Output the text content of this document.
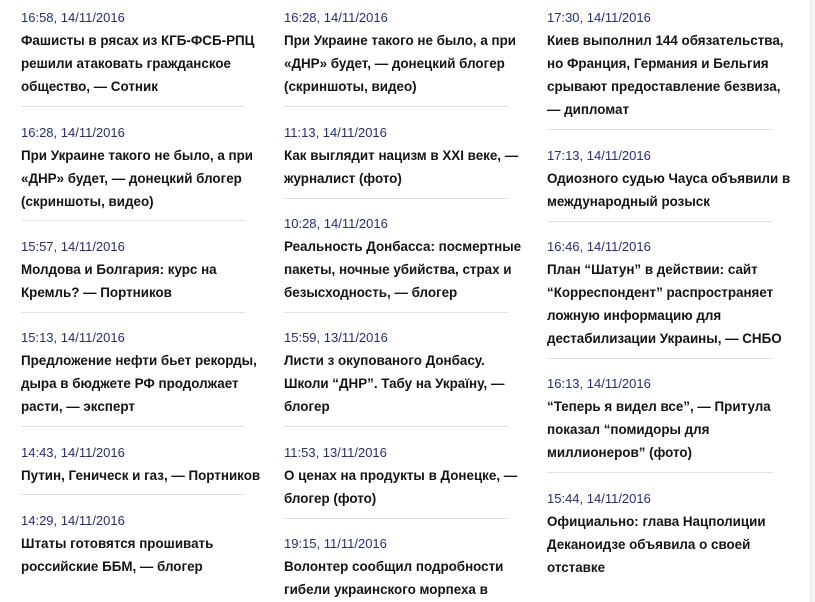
16:58, 14/11/2016
Фашисты в рясах из КГБ-ФСБ-РПЦ
решили атаковать гражданское
общество, — Сотник
16:28, 14/11/2016
При Украине такого не было, а при
«ДНР» будет, — донецкий блогер
(скриншоты, видео)
15:57, 14/11/2016
Молдова и Болгария: курс на
Кремль? — Портников
15:13, 14/11/2016
Предложение нефти бьет рекорды,
дыра в бюджете РФ продолжает
расти, — эксперт
14:43, 14/11/2016
Путин, Геническ и газ, — Портников
14:29, 14/11/2016
Штаты готовятся прошивать
российские ББМ, — блогер
16:28, 14/11/2016
При Украине такого не было, а при
«ДНР» будет, — донецкий блогер
(скриншоты, видео)
11:13, 14/11/2016
Как выглядит нацизм в XXI веке, —
журналист (фото)
10:28, 14/11/2016
Реальность Донбасса: посмертные
пакеты, ночные убийства, страх и
безысходность, — блогер
15:59, 13/11/2016
Листи з окупованого Донбасу.
Школи “ДНР”. Табу на Україну, —
блогер
11:53, 13/11/2016
О ценах на продукты в Донецке, —
блогер (фото)
19:15, 11/11/2016
Волонтер сообщил подробности
гибели украинского морпеха в
17:30, 14/11/2016
Киев выполнил 144 обязательства,
но Франция, Германия и Бельгия
срывают предоставление безвиза,
— дипломат
17:13, 14/11/2016
Одиозного судью Чауса объявили в
международный розыск
16:46, 14/11/2016
План “Шатун” в действии: сайт
“Корреспондент” распространяет
ложную информацию для
дестабилизации Украины, — СНБО
16:13, 14/11/2016
“Теперь я видел все”, — Притула
показал “помидоры для
миллионеров” (фото)
15:44, 14/11/2016
Официально: глава Нацполиции
Деканоидзе объявила о своей
отставке
